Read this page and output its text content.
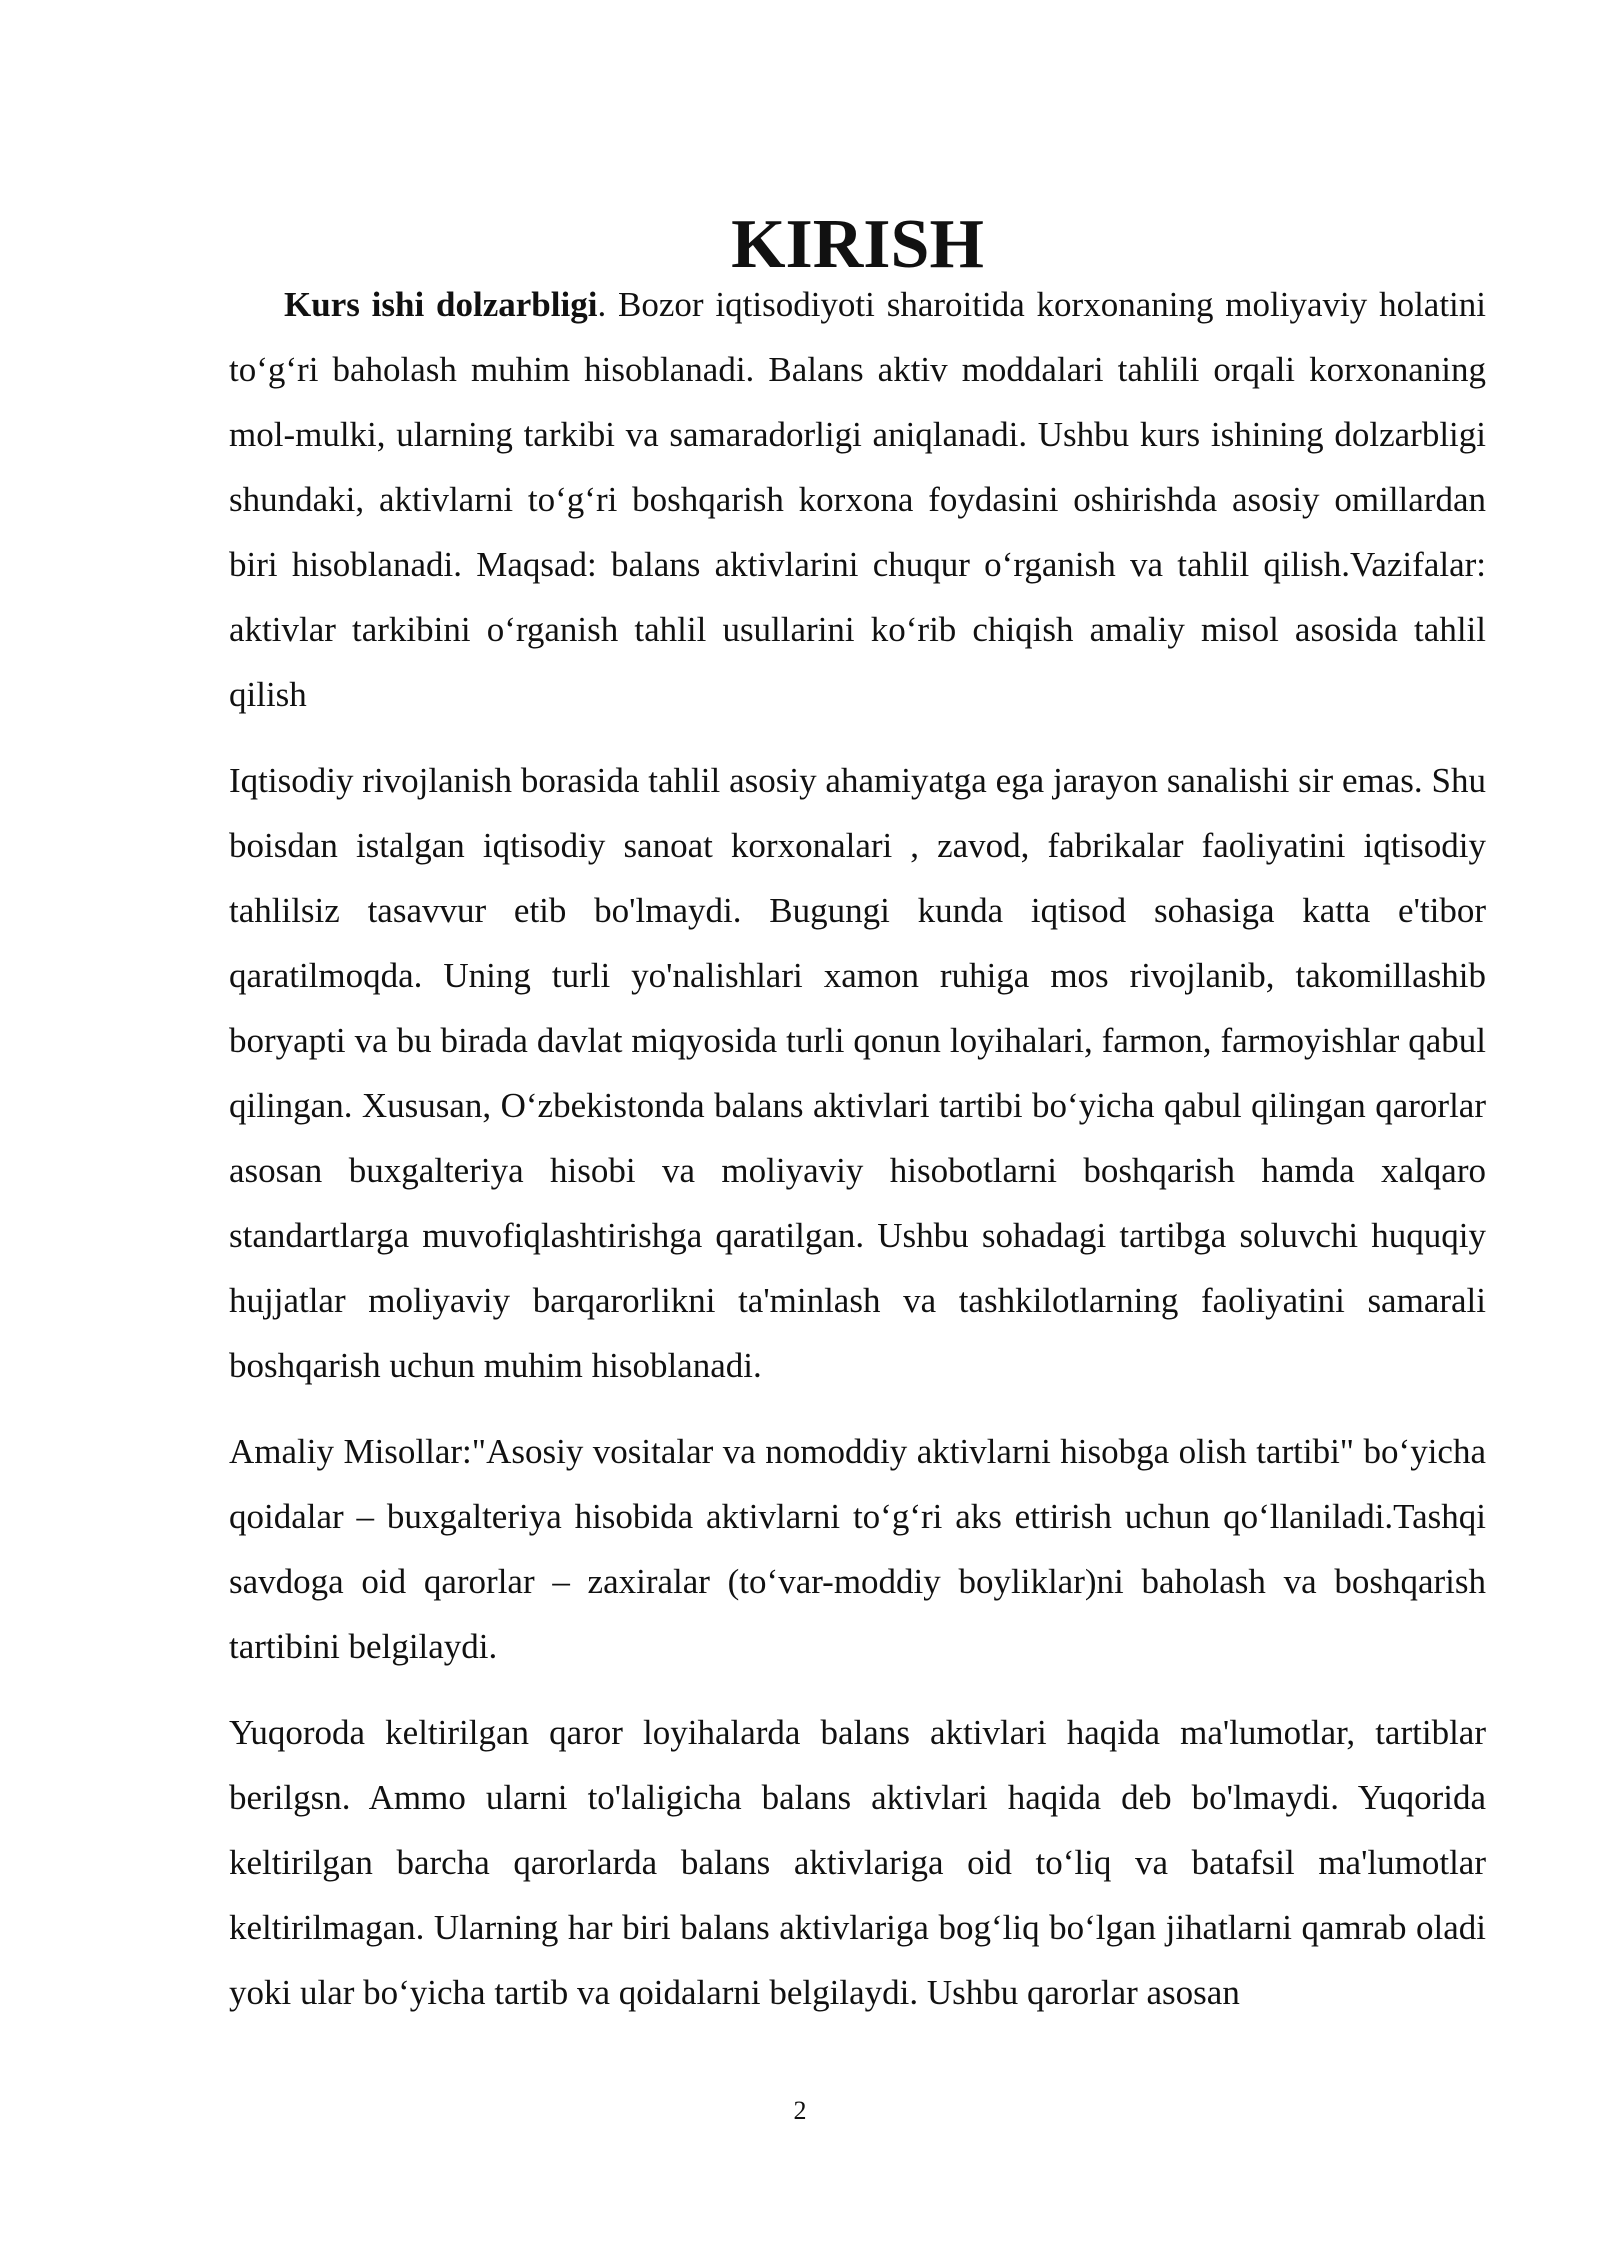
KIRISH

Kurs ishi dolzarbligi. Bozor iqtisodiyoti sharoitida korxonaning moliyaviy holatini to‘g‘ri baholash muhim hisoblanadi. Balans aktiv moddalari tahlili orqali korxonaning mol-mulki, ularning tarkibi va samaradorligi aniqlanadi. Ushbu kurs ishining dolzarbligi shundaki, aktivlarni to‘g‘ri boshqarish korxona foydasini oshirishda asosiy omillardan biri hisoblanadi. Maqsad: balans aktivlarini chuqur o‘rganish va tahlil qilish.Vazifalar: aktivlar tarkibini o‘rganish tahlil usullarini ko‘rib chiqish amaliy misol asosida tahlil qilish

Iqtisodiy rivojlanish borasida tahlil asosiy ahamiyatga ega jarayon sanalishi sir emas. Shu boisdan istalgan iqtisodiy sanoat korxonalari , zavod, fabrikalar faoliyatini iqtisodiy tahlilsiz tasavvur etib bo'lmaydi. Bugungi kunda iqtisod sohasiga katta e'tibor qaratilmoqda. Uning turli yo'nalishlari xamon ruhiga mos rivojlanib, takomillashib boryapti va bu birada davlat miqyosida turli qonun loyihalari, farmon, farmoyishlar qabul qilingan. Xususan, O‘zbekistonda balans aktivlari tartibi bo‘yicha qabul qilingan qarorlar asosan buxgalteriya hisobi va moliyaviy hisobotlarni boshqarish hamda xalqaro standartlarga muvofiqlashtirishga qaratilgan. Ushbu sohadagi tartibga soluvchi huquqiy hujjatlar moliyaviy barqarorlikni ta'minlash va tashkilotlarning faoliyatini samarali boshqarish uchun muhim hisoblanadi.

Amaliy Misollar:"Asosiy vositalar va nomoddiy aktivlarni hisobga olish tartibi" bo‘yicha qoidalar – buxgalteriya hisobida aktivlarni to‘g‘ri aks ettirish uchun qo‘llaniladi.Tashqi savdoga oid qarorlar – zaxiralar (to‘var-moddiy boyliklar)ni baholash va boshqarish tartibini belgilaydi.

Yuqoroda keltirilgan qaror loyihalarda balans aktivlari haqida ma'lumotlar, tartiblar berilgsn. Ammo ularni to'laligicha balans aktivlari haqida deb bo'lmaydi. Yuqorida keltirilgan barcha qarorlarda balans aktivlariga oid to‘liq va batafsil ma'lumotlar keltirilmagan. Ularning har biri balans aktivlariga bog‘liq bo‘lgan jihatlarni qamrab oladi yoki ular bo‘yicha tartib va qoidalarni belgilaydi. Ushbu qarorlar asosan

2
